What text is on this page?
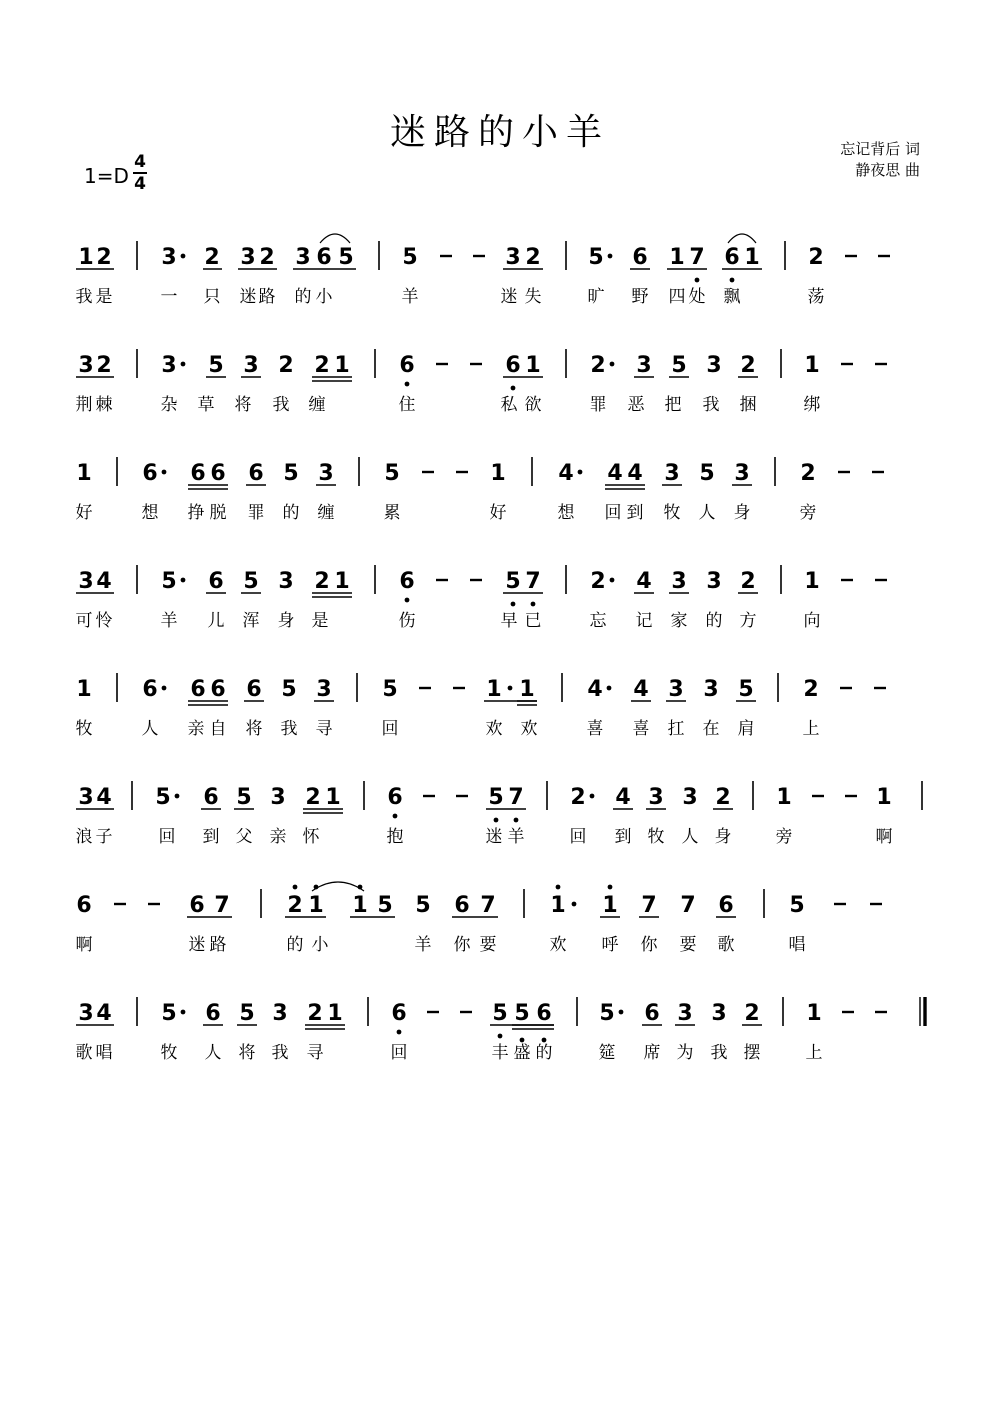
迷路的小羊	忘记背后 词
静夜思 曲
1=D
4
4
1 2 3 2 3 2 3 6 5 5	3 2 5 6 1 7 6 1 2
我 是	一 只 迷 路 的 小	羊	迷 失	旷 野 四 处 飘	荡
3 2 3 5 3 2 2 1 6	6 1 2 3 5 3 2 1
荆 棘	杂 草 将 我 缠	住	私 欲	罪 恶 把 我 捆	绑
1 6 6 6 6 5 3 5	1 4 4 4 3 5 3 2
好	想 挣 脱 罪 的 缠	累	好	想 回 到 牧 人 身	旁
3 4 5 6 5 3 2 1 6	5 7 2 4 3 3 2 1
可 怜	羊 儿 浑 身 是	伤	早 已	忘 记 家 的 方	向
1 6 6 6 6 5 3 5	1 1 4 4 3 3 5 2
牧	人 亲 自 将 我 寻	回	欢 欢	喜 喜 扛 在 肩	上
3 4 5 6 5 3 2 1 6	5 7 2 4 3 3 2 1	1
浪 子	回 到 父 亲 怀	抱	迷 羊	回 到 牧 人 身	旁	啊
6	6 7	2 1 1 5 5 6 7 1 1 7 7 6	5
啊	迷 路	的 小	羊 你 要	欢 呼 你 要 歌	唱
3 4 5 6 5 3 2 1 6	5 5 6 5 6 3 3 2 1
歌 唱	牧 人 将 我 寻	回	丰 盛 的	筵 席 为 我 摆	上
